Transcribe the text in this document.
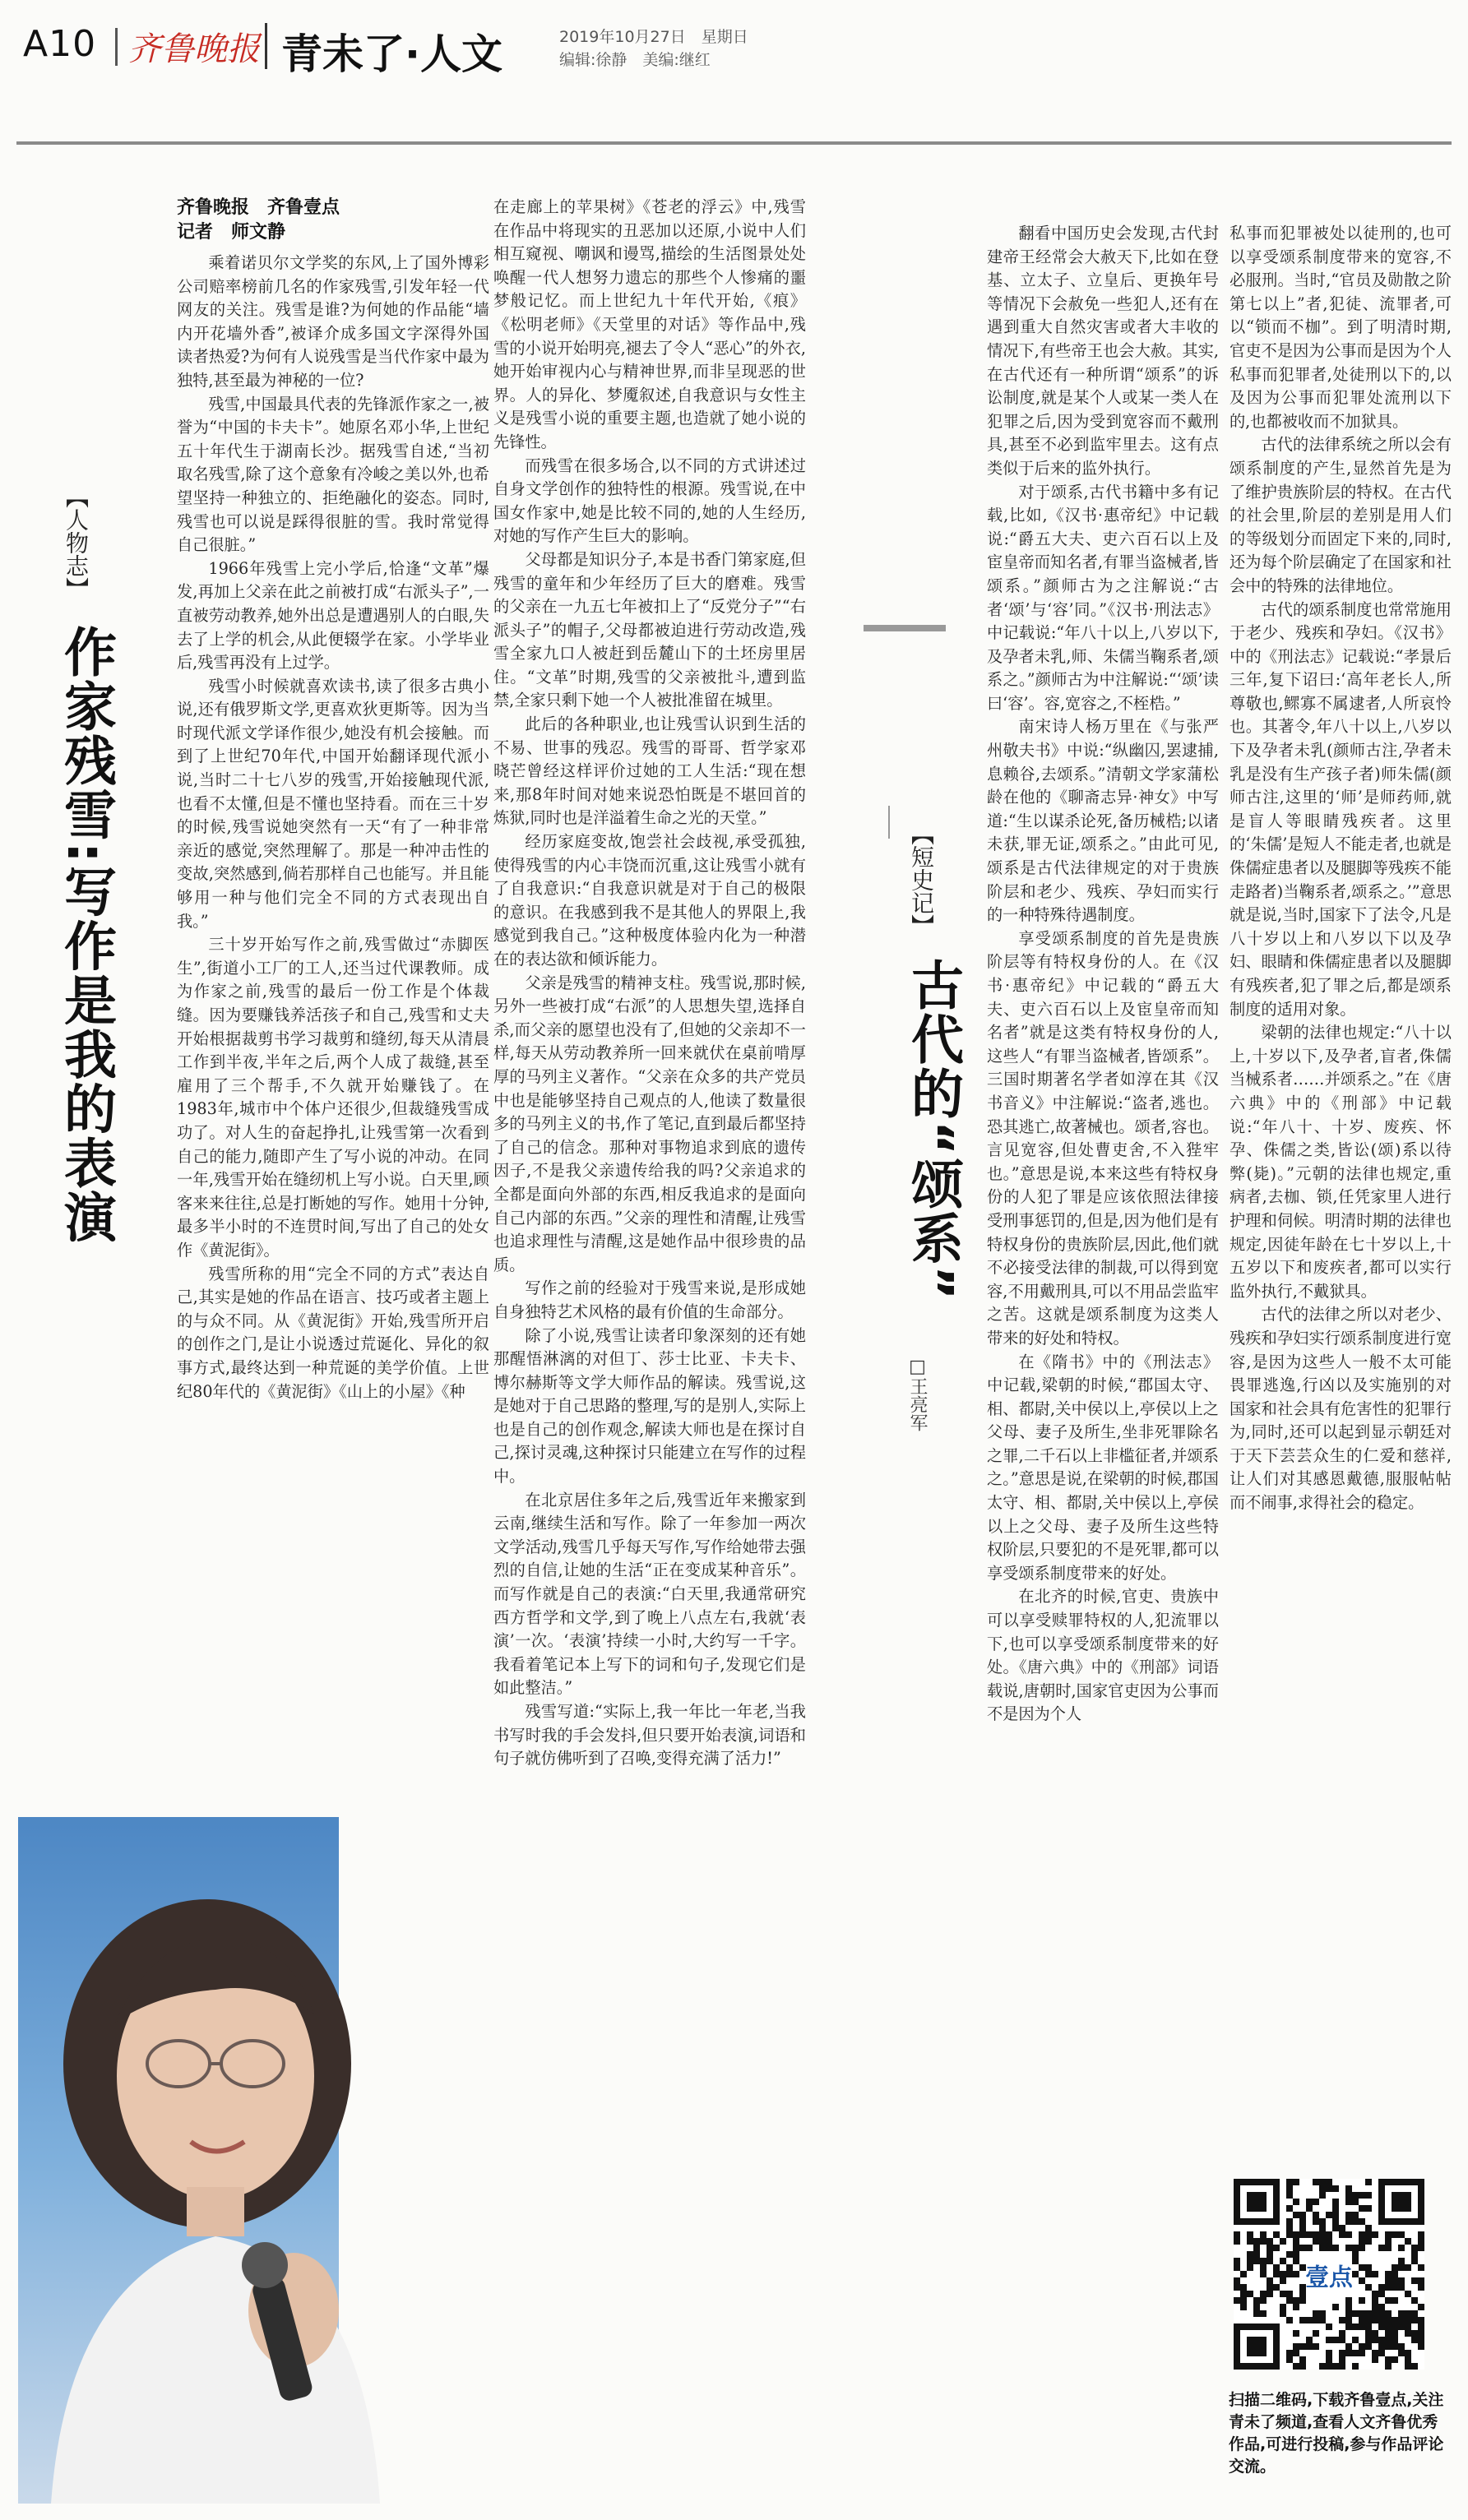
A10 齐鲁晚报 青未了·人文	2019年10月27日　星期日
编辑:徐静　美编:继红
【人物志】
作家残雪:写作是我的表演
齐鲁晚报　齐鲁壹点
记者　师文静

乘着诺贝尔文学奖的东风,上了国外博彩公司赔率榜前几名的作家残雪,引发年轻一代网友的关注。残雪是谁?为何她的作品能“墙内开花墙外香”,被译介成多国文字深得外国读者热爱?为何有人说残雪是当代作家中最为独特,甚至最为神秘的一位?

残雪,中国最具代表的先锋派作家之一,被誉为“中国的卡夫卡”。她原名邓小华,上世纪五十年代生于湖南长沙。据残雪自述,“当初取名残雪,除了这个意象有冷峻之美以外,也希望坚持一种独立的、拒绝融化的姿态。同时,残雪也可以说是踩得很脏的雪。我时常觉得自己很脏。”

1966年残雪上完小学后,恰逢“文革”爆发,再加上父亲在此之前被打成“右派头子”,一直被劳动教养,她外出总是遭遇别人的白眼,失去了上学的机会,从此便辍学在家。小学毕业后,残雪再没有上过学。

残雪小时候就喜欢读书,读了很多古典小说,还有俄罗斯文学,更喜欢狄更斯等。因为当时现代派文学译作很少,她没有机会接触。而到了上世纪70年代,中国开始翻译现代派小说,当时二十七八岁的残雪,开始接触现代派,也看不太懂,但是不懂也坚持看。而在三十岁的时候,残雪说她突然有一天“有了一种非常亲近的感觉,突然理解了。那是一种冲击性的变故,突然感到,倘若那样自己也能写。并且能够用一种与他们完全不同的方式表现出自我。”

三十岁开始写作之前,残雪做过“赤脚医生”,街道小工厂的工人,还当过代课教师。成为作家之前,残雪的最后一份工作是个体裁缝。因为要赚钱养活孩子和自己,残雪和丈夫开始根据裁剪书学习裁剪和缝纫,每天从清晨工作到半夜,半年之后,两个人成了裁缝,甚至雇用了三个帮手,不久就开始赚钱了。在1983年,城市中个体户还很少,但裁缝残雪成功了。对人生的奋起挣扎,让残雪第一次看到自己的能力,随即产生了写小说的冲动。在同一年,残雪开始在缝纫机上写小说。白天里,顾客来来往往,总是打断她的写作。她用十分钟,最多半小时的不连贯时间,写出了自己的处女作《黄泥街》。

残雪所称的用“完全不同的方式”表达自己,其实是她的作品在语言、技巧或者主题上的与众不同。从《黄泥街》开始,残雪所开启的创作之门,是让小说透过荒诞化、异化的叙事方式,最终达到一种荒诞的美学价值。上世纪80年代的《黄泥街》《山上的小屋》《种

在走廊上的苹果树》《苍老的浮云》中,残雪在作品中将现实的丑恶加以还原,小说中人们相互窥视、嘲讽和谩骂,描绘的生活图景处处唤醒一代人想努力遗忘的那些个人惨痛的噩梦般记忆。而上世纪九十年代开始,《痕》《松明老师》《天堂里的对话》等作品中,残雪的小说开始明亮,褪去了令人“恶心”的外衣,她开始审视内心与精神世界,而非呈现恶的世界。人的异化、梦魇叙述,自我意识与女性主义是残雪小说的重要主题,也造就了她小说的先锋性。

而残雪在很多场合,以不同的方式讲述过自身文学创作的独特性的根源。残雪说,在中国女作家中,她是比较不同的,她的人生经历,对她的写作产生巨大的影响。

父母都是知识分子,本是书香门第家庭,但残雪的童年和少年经历了巨大的磨难。残雪的父亲在一九五七年被扣上了“反党分子”“右派头子”的帽子,父母都被迫进行劳动改造,残雪全家九口人被赶到岳麓山下的土坯房里居住。“文革”时期,残雪的父亲被批斗,遭到监禁,全家只剩下她一个人被批准留在城里。

此后的各种职业,也让残雪认识到生活的不易、世事的残忍。残雪的哥哥、哲学家邓晓芒曾经这样评价过她的工人生活:“现在想来,那8年时间对她来说恐怕既是不堪回首的炼狱,同时也是洋溢着生命之光的天堂。”

经历家庭变故,饱尝社会歧视,承受孤独,使得残雪的内心丰饶而沉重,这让残雪小就有了自我意识:“自我意识就是对于自己的极限的意识。在我感到我不是其他人的界限上,我感觉到我自己。”这种极度体验内化为一种潜在的表达欲和倾诉能力。

父亲是残雪的精神支柱。残雪说,那时候,另外一些被打成“右派”的人思想失望,选择自杀,而父亲的愿望也没有了,但她的父亲却不一样,每天从劳动教养所一回来就伏在桌前啃厚厚的马列主义著作。“父亲在众多的共产党员中也是能够坚持自己观点的人,他读了数量很多的马列主义的书,作了笔记,直到最后都坚持了自己的信念。那种对事物追求到底的遗传因子,不是我父亲遗传给我的吗?父亲追求的全都是面向外部的东西,相反我追求的是面向自己内部的东西。”父亲的理性和清醒,让残雪也追求理性与清醒,这是她作品中很珍贵的品质。

写作之前的经验对于残雪来说,是形成她自身独特艺术风格的最有价值的生命部分。

除了小说,残雪让读者印象深刻的还有她那醒悟淋漓的对但丁、莎士比亚、卡夫卡、博尔赫斯等文学大师作品的解读。残雪说,这是她对于自己思路的整理,写的是别人,实际上也是自己的创作观念,解读大师也是在探讨自己,探讨灵魂,这种探讨只能建立在写作的过程中。

在北京居住多年之后,残雪近年来搬家到云南,继续生活和写作。除了一年参加一两次文学活动,残雪几乎每天写作,写作给她带去强烈的自信,让她的生活“正在变成某种音乐”。而写作就是自己的表演:“白天里,我通常研究西方哲学和文学,到了晚上八点左右,我就‘表演’一次。‘表演’持续一小时,大约写一千字。我看着笔记本上写下的词和句子,发现它们是如此整洁。”

残雪写道:“实际上,我一年比一年老,当我书写时我的手会发抖,但只要开始表演,词语和句子就仿佛听到了召唤,变得充满了活力!”

【短史记】
古代的“颂系”
□王亮军

翻看中国历史会发现,古代封建帝王经常会大赦天下,比如在登基、立太子、立皇后、更换年号等情况下会赦免一些犯人,还有在遇到重大自然灾害或者大丰收的情况下,有些帝王也会大赦。其实,在古代还有一种所谓“颂系”的诉讼制度,就是某个人或某一类人在犯罪之后,因为受到宽容而不戴刑具,甚至不必到监牢里去。这有点类似于后来的监外执行。

对于颂系,古代书籍中多有记载,比如,《汉书·惠帝纪》中记载说:“爵五大夫、吏六百石以上及宦皇帝而知名者,有罪当盗械者,皆颂系。”颜师古为之注解说:“古者‘颂’与‘容’同。”《汉书·刑法志》中记载说:“年八十以上,八岁以下,及孕者未乳,师、朱儒当鞠系者,颂系之。”颜师古为中注解说:“‘颂’读曰‘容’。容,宽容之,不桎梏。”

南宋诗人杨万里在《与张严州敬夫书》中说:“纵幽囚,罢逮捕,息赖谷,去颂系。”清朝文学家蒲松龄在他的《聊斋志异·神女》中写道:“生以谋杀论死,备历械梏;以诸未获,罪无证,颂系之。”由此可见,颂系是古代法律规定的对于贵族阶层和老少、残疾、孕妇而实行的一种特殊待遇制度。

享受颂系制度的首先是贵族阶层等有特权身份的人。在《汉书·惠帝纪》中记载的“爵五大夫、吏六百石以上及宦皇帝而知名者”就是这类有特权身份的人,这些人“有罪当盗械者,皆颂系”。三国时期著名学者如淳在其《汉书音义》中注解说:“盗者,逃也。恐其逃亡,故著械也。颂者,容也。言见宽容,但处曹吏舍,不入狴牢也。”意思是说,本来这些有特权身份的人犯了罪是应该依照法律接受刑事惩罚的,但是,因为他们是有特权身份的贵族阶层,因此,他们就不必接受法律的制裁,可以得到宽容,不用戴刑具,可以不用品尝监牢之苦。这就是颂系制度为这类人带来的好处和特权。

在《隋书》中的《刑法志》中记载,梁朝的时候,“郡国太守、相、都尉,关中侯以上,亭侯以上之父母、妻子及所生,坐非死罪除名之罪,二千石以上非槛征者,并颂系之。”意思是说,在梁朝的时候,郡国太守、相、都尉,关中侯以上,亭侯以上之父母、妻子及所生这些特权阶层,只要犯的不是死罪,都可以享受颂系制度带来的好处。

在北齐的时候,官吏、贵族中可以享受赎罪特权的人,犯流罪以下,也可以享受颂系制度带来的好处。《唐六典》中的《刑部》词语载说,唐朝时,国家官吏因为公事而不是因为个人

私事而犯罪被处以徒刑的,也可以享受颂系制度带来的宽容,不必服刑。当时,“官员及勋散之阶第七以上”者,犯徒、流罪者,可以“锁而不枷”。到了明清时期,官吏不是因为公事而是因为个人私事而犯罪者,处徒刑以下的,以及因为公事而犯罪处流刑以下的,也都被收而不加狱具。

古代的法律系统之所以会有颂系制度的产生,显然首先是为了维护贵族阶层的特权。在古代的社会里,阶层的差别是用人们的等级划分而固定下来的,同时,还为每个阶层确定了在国家和社会中的特殊的法律地位。

古代的颂系制度也常常施用于老少、残疾和孕妇。《汉书》中的《刑法志》记载说:“孝景后三年,复下诏曰:‘高年老长人,所尊敬也,鳏寡不属逮者,人所哀怜也。其著令,年八十以上,八岁以下及孕者未乳(颜师古注,孕者未乳是没有生产孩子者)师朱儒(颜师古注,这里的‘师’是师药师,就是盲人等眼睛残疾者。这里的‘朱儒’是短人不能走者,也就是侏儒症患者以及腿脚等残疾不能走路者)当鞠系者,颂系之。’”意思就是说,当时,国家下了法令,凡是八十岁以上和八岁以下以及孕妇、眼睛和侏儒症患者以及腿脚有残疾者,犯了罪之后,都是颂系制度的适用对象。

梁朝的法律也规定:“八十以上,十岁以下,及孕者,盲者,侏儒当械系者……并颂系之。”在《唐六典》中的《刑部》中记载说:“年八十、十岁、废疾、怀孕、侏儒之类,皆讼(颂)系以待弊(毙)。”元朝的法律也规定,重病者,去枷、锁,任凭家里人进行护理和伺候。明清时期的法律也规定,因徒年龄在七十岁以上,十五岁以下和废疾者,都可以实行监外执行,不戴狱具。

古代的法律之所以对老少、残疾和孕妇实行颂系制度进行宽容,是因为这些人一般不太可能畏罪逃逸,行凶以及实施别的对国家和社会具有危害性的犯罪行为,同时,还可以起到显示朝廷对于天下芸芸众生的仁爱和慈祥,让人们对其感恩戴德,服服帖帖而不闹事,求得社会的稳定。

壹点
扫描二维码,下载齐鲁壹点,关注青未了频道,查看人文齐鲁优秀作品,可进行投稿,参与作品评论交流。
